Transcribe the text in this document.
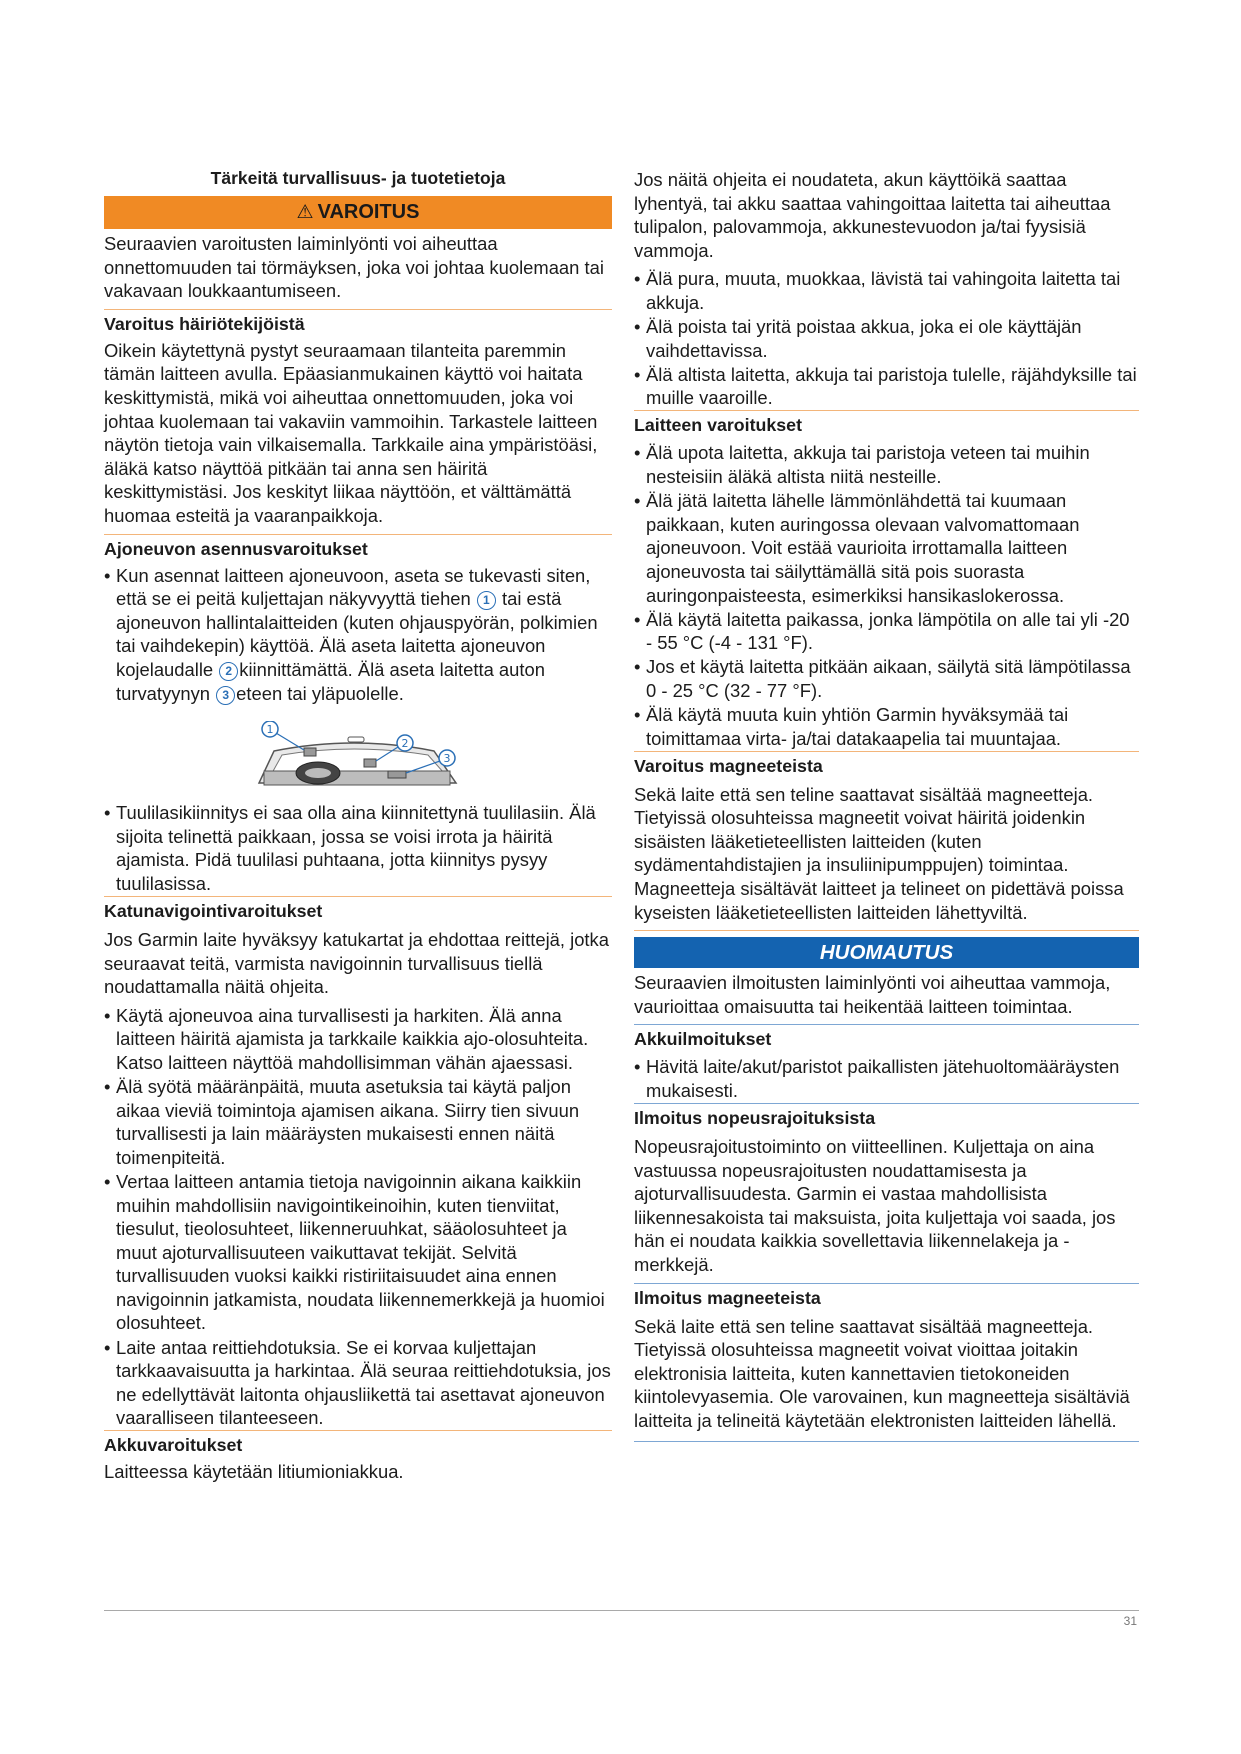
Tärkeitä turvallisuus- ja tuotetietoja
⚠ VAROITUS

Seuraavien varoitusten laiminlyönti voi aiheuttaa onnettomuuden tai törmäyksen, joka voi johtaa kuolemaan tai vakavaan loukkaantumiseen.

Varoitus häiriötekijöistä

Oikein käytettynä pystyt seuraamaan tilanteita paremmin tämän laitteen avulla. Epäasianmukainen käyttö voi haitata keskittymistä, mikä voi aiheuttaa onnettomuuden, joka voi johtaa kuolemaan tai vakaviin vammoihin. Tarkastele laitteen näytön tietoja vain vilkaisemalla. Tarkkaile aina ympäristöäsi, äläkä katso näyttöä pitkään tai anna sen häiritä keskittymistäsi. Jos keskityt liikaa näyttöön, et välttämättä huomaa esteitä ja vaaranpaikkoja.

Ajoneuvon asennusvaroitukset
• Kun asennat laitteen ajoneuvoon, aseta se tukevasti siten, että se ei peitä kuljettajan näkyvyyttä tiehen 1 tai estä ajoneuvon hallintalaitteiden (kuten ohjauspyörän, polkimien tai vaihdekepin) käyttöä. Älä aseta laitetta ajoneuvon kojelaudalle 2 kiinnittämättä. Älä aseta laitetta auton turvatyynyn 3 eteen tai yläpuolelle.
1
2
3
• Tuulilasikiinnitys ei saa olla aina kiinnitettynä tuulilasiin. Älä sijoita telinettä paikkaan, jossa se voisi irrota ja häiritä ajamista. Pidä tuulilasi puhtaana, jotta kiinnitys pysyy tuulilasissa.
Katunavigointivaroitukset

Jos Garmin laite hyväksyy katukartat ja ehdottaa reittejä, jotka seuraavat teitä, varmista navigoinnin turvallisuus tiellä noudattamalla näitä ohjeita.

• Käytä ajoneuvoa aina turvallisesti ja harkiten. Älä anna laitteen häiritä ajamista ja tarkkaile kaikkia ajo-olosuhteita. Katso laitteen näyttöä mahdollisimman vähän ajaessasi.
• Älä syötä määränpäitä, muuta asetuksia tai käytä paljon aikaa vieviä toimintoja ajamisen aikana. Siirry tien sivuun turvallisesti ja lain määräysten mukaisesti ennen näitä toimenpiteitä.
• Vertaa laitteen antamia tietoja navigoinnin aikana kaikkiin muihin mahdollisiin navigointikeinoihin, kuten tienviitat, tiesulut, tieolosuhteet, liikenneruuhkat, sääolosuhteet ja muut ajoturvallisuuteen vaikuttavat tekijät. Selvitä turvallisuuden vuoksi kaikki ristiriitaisuudet aina ennen navigoinnin jatkamista, noudata liikennemerkkejä ja huomioi olosuhteet.
• Laite antaa reittiehdotuksia. Se ei korvaa kuljettajan tarkkaavaisuutta ja harkintaa. Älä seuraa reittiehdotuksia, jos ne edellyttävät laitonta ohjausliikettä tai asettavat ajoneuvon vaaralliseen tilanteeseen.
Akkuvaroitukset

Laitteessa käytetään litiumioniakkua.

Jos näitä ohjeita ei noudateta, akun käyttöikä saattaa lyhentyä, tai akku saattaa vahingoittaa laitetta tai aiheuttaa tulipalon, palovammoja, akkunestevuodon ja/tai fyysisiä vammoja.

• Älä pura, muuta, muokkaa, lävistä tai vahingoita laitetta tai akkuja.
• Älä poista tai yritä poistaa akkua, joka ei ole käyttäjän vaihdettavissa.
• Älä altista laitetta, akkuja tai paristoja tulelle, räjähdyksille tai muille vaaroille.
Laitteen varoitukset
• Älä upota laitetta, akkuja tai paristoja veteen tai muihin nesteisiin äläkä altista niitä nesteille.
• Älä jätä laitetta lähelle lämmönlähdettä tai kuumaan paikkaan, kuten auringossa olevaan valvomattomaan ajoneuvoon. Voit estää vaurioita irrottamalla laitteen ajoneuvosta tai säilyttämällä sitä pois suorasta auringonpaisteesta, esimerkiksi hansikaslokerossa.
• Älä käytä laitetta paikassa, jonka lämpötila on alle tai yli -20 - 55 °C (-4 - 131 °F).
• Jos et käytä laitetta pitkään aikaan, säilytä sitä lämpötilassa 0 - 25 °C (32 - 77 °F).
• Älä käytä muuta kuin yhtiön Garmin hyväksymää tai toimittamaa virta- ja/tai datakaapelia tai muuntajaa.
Varoitus magneeteista

Sekä laite että sen teline saattavat sisältää magneetteja. Tietyissä olosuhteissa magneetit voivat häiritä joidenkin sisäisten lääketieteellisten laitteiden (kuten sydämentahdistajien ja insuliinipumppujen) toimintaa. Magneetteja sisältävät laitteet ja telineet on pidettävä poissa kyseisten lääketieteellisten laitteiden lähettyviltä.

HUOMAUTUS

Seuraavien ilmoitusten laiminlyönti voi aiheuttaa vammoja, vaurioittaa omaisuutta tai heikentää laitteen toimintaa.

Akkuilmoitukset
• Hävitä laite/akut/paristot paikallisten jätehuoltomääräysten mukaisesti.
Ilmoitus nopeusrajoituksista

Nopeusrajoitustoiminto on viitteellinen. Kuljettaja on aina vastuussa nopeusrajoitusten noudattamisesta ja ajoturvallisuudesta. Garmin ei vastaa mahdollisista liikennesakoista tai maksuista, joita kuljettaja voi saada, jos hän ei noudata kaikkia sovellettavia liikennelakeja ja -merkkejä.

Ilmoitus magneeteista

Sekä laite että sen teline saattavat sisältää magneetteja. Tietyissä olosuhteissa magneetit voivat vioittaa joitakin elektronisia laitteita, kuten kannettavien tietokoneiden kiintolevyasemia. Ole varovainen, kun magneetteja sisältäviä laitteita ja telineitä käytetään elektronisten laitteiden lähellä.

31
